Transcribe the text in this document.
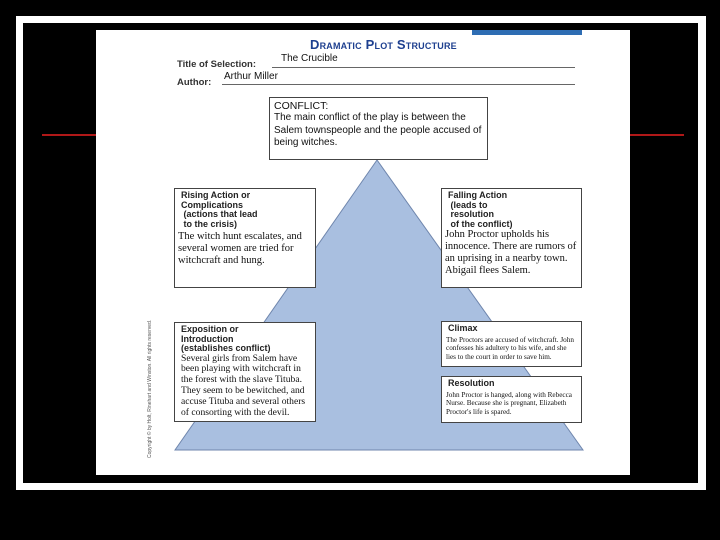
Dramatic Plot Structure
Title of Selection:
The Crucible
Author:
Arthur Miller
CONFLICT:
The main conflict of the play is between the Salem townspeople and the people accused of being witches.
Rising Action or
Complications
(actions that lead
to the crisis)
The witch hunt escalates, and several women are tried for witchcraft and hung.
Falling Action
(leads to
resolution
of the conflict)
John Proctor upholds his innocence. There are rumors of an uprising in a nearby town. Abigail flees Salem.
Exposition or
Introduction
(establishes conflict)
Several girls from Salem have been playing with witchcraft in the forest with the slave Tituba. They seem to be bewitched, and accuse Tituba and several others of consorting with the devil.
Climax
The Proctors are accused of witchcraft. John confesses his adultery to his wife, and she lies to the court in order to save him.
Resolution
John Proctor is hanged, along with Rebecca Nurse. Because she is pregnant, Elizabeth Proctor's life is spared.
Copyright © by Holt, Rinehart and Winston. All rights reserved.
